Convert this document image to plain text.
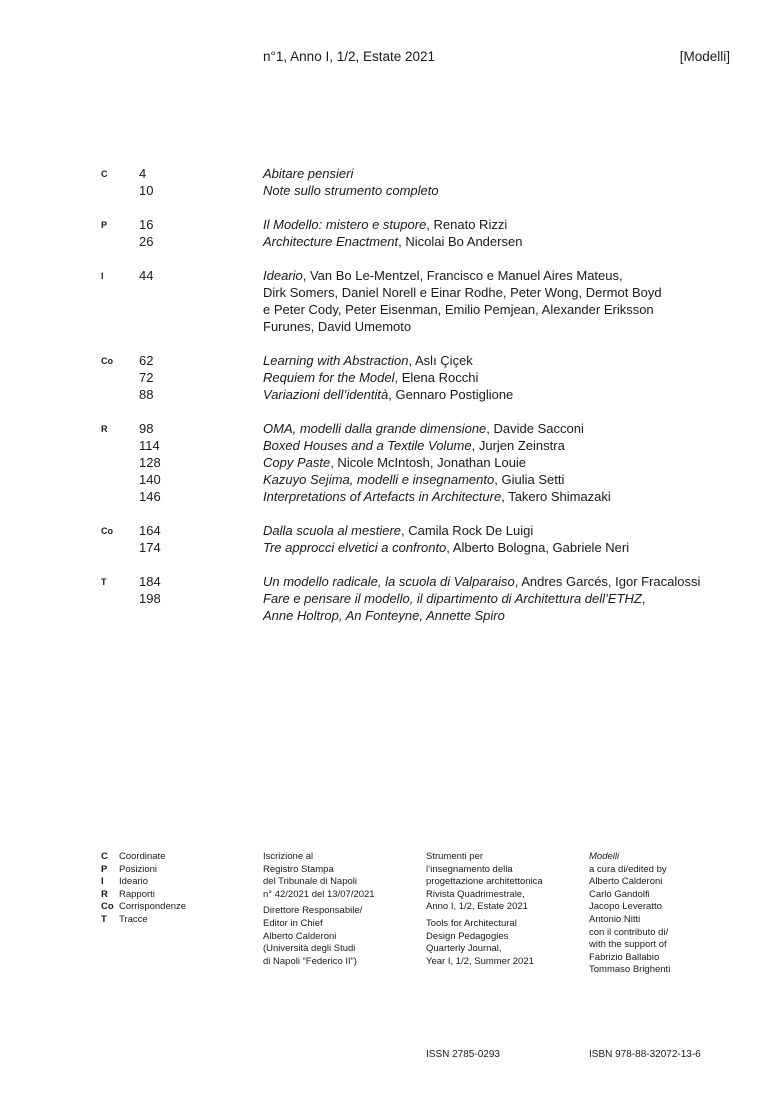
n°1, Anno I, 1/2, Estate 2021	[Modelli]
C 4	Abitare pensieri
10	Note sullo strumento completo
P 16	Il Modello: mistero e stupore, Renato Rizzi
26	Architecture Enactment, Nicolai Bo Andersen
I	44	Ideario, Van Bo Le-Mentzel, Francisco e Manuel Aires Mateus,
Dirk Somers, Daniel Norell e Einar Rodhe, Peter Wong, Dermot Boyd
e Peter Cody, Peter Eisenman, Emilio Pemjean, Alexander Eriksson
Furunes, David Umemoto
Co 62	Learning with Abstraction, Aslı Çiçek
72	Requiem for the Model, Elena Rocchi
88	Variazioni dell’identità, Gennaro Postiglione
R 98	OMA, modelli dalla grande dimensione, Davide Sacconi
114	Boxed Houses and a Textile Volume, Jurjen Zeinstra
128	Copy Paste, Nicole McIntosh, Jonathan Louie
140	Kazuyo Sejima, modelli e insegnamento, Giulia Setti
146	Interpretations of Artefacts in Architecture, Takero Shimazaki
Co 164	Dalla scuola al mestiere, Camila Rock De Luigi
174	Tre approcci elvetici a confronto, Alberto Bologna, Gabriele Neri
T	184	Un modello radicale, la scuola di Valparaiso, Andres Garcés, Igor Fracalossi
198	Fare e pensare il modello, il dipartimento di Architettura dell’ETHZ,
Anne Holtrop, An Fonteyne, Annette Spiro
C Coordinate
P Posizioni
I Ideario
R Rapporti
Co Corrispondenze
T Tracce
Iscrizione al
Registro Stampa
del Tribunale di Napoli
n° 42/2021 del 13/07/2021
Direttore Responsabile/
Editor in Chief
Alberto Calderoni
(Università degli Studi
di Napoli “Federico II”)
Strumenti per
l’insegnamento della
progettazione architettonica
Rivista Quadrimestrale,
Anno I, 1/2, Estate 2021
Tools for Architectural
Design Pedagogies
Quarterly Journal,
Year I, 1/2, Summer 2021
Modelli
a cura di/edited by
Alberto Calderoni
Carlo Gandolfi
Jacopo Leveratto
Antonio Nitti
con il contributo di/
with the support of
Fabrizio Ballabio
Tommaso Brighenti
ISSN 2785-0293	ISBN 978-88-32072-13-6
